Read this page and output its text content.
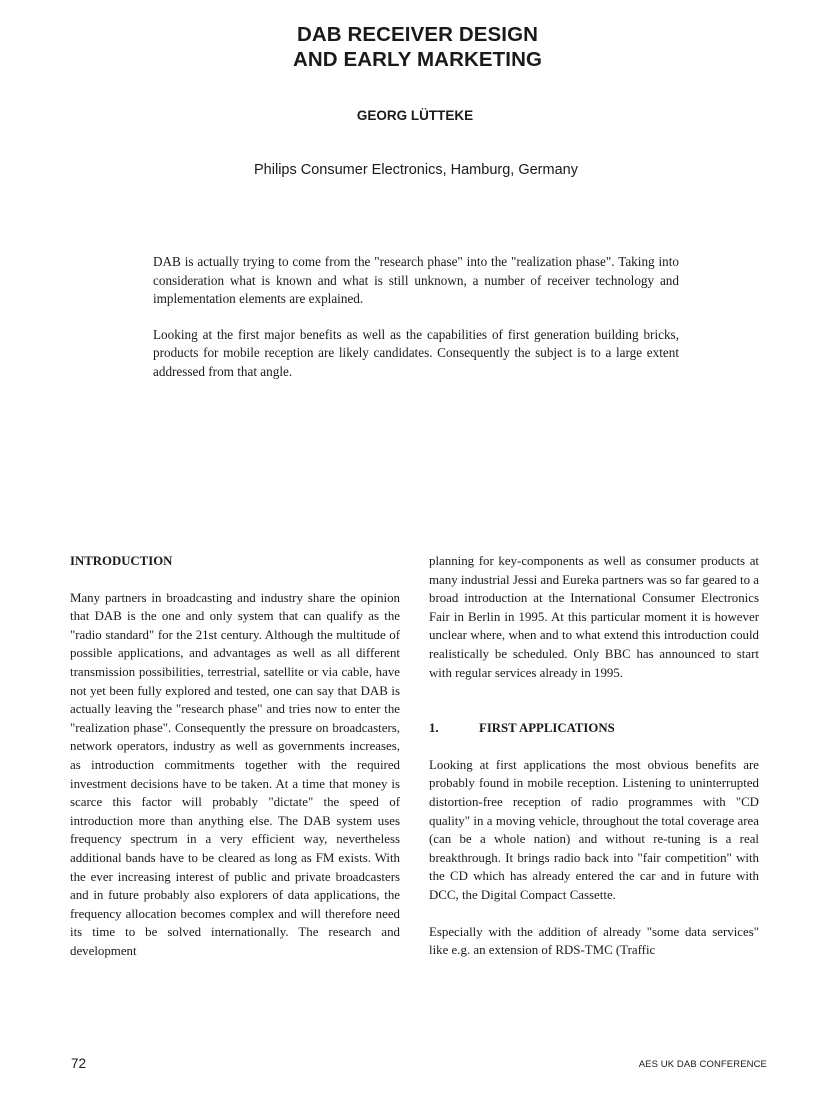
DAB RECEIVER DESIGN
AND EARLY MARKETING
GEORG LÜTTEKE
Philips Consumer Electronics, Hamburg, Germany

DAB is actually trying to come from the "research phase" into the "realization phase". Taking into consideration what is known and what is still unknown, a number of receiver technology and implementation elements are explained.

Looking at the first major benefits as well as the capabilities of first generation building bricks, products for mobile reception are likely candidates. Consequently the subject is to a large extent addressed from that angle.

INTRODUCTION

Many partners in broadcasting and industry share the opinion that DAB is the one and only system that can qualify as the "radio standard" for the 21st century. Although the multitude of possible applications, and advantages as well as all different transmission possibilities, terrestrial, satellite or via cable, have not yet been fully explored and tested, one can say that DAB is actually leaving the "research phase" and tries now to enter the "realization phase". Consequently the pressure on broadcasters, network operators, industry as well as governments increases, as introduction commitments together with the required investment decisions have to be taken. At a time that money is scarce this factor will probably "dictate" the speed of introduction more than anything else. The DAB system uses frequency spectrum in a very efficient way, nevertheless additional bands have to be cleared as long as FM exists. With the ever increasing interest of public and private broadcasters and in future probably also explorers of data applications, the frequency allocation becomes complex and will therefore need its time to be solved internationally. The research and development

planning for key-components as well as consumer products at many industrial Jessi and Eureka partners was so far geared to a broad introduction at the International Consumer Electronics Fair in Berlin in 1995. At this particular moment it is however unclear where, when and to what extend this introduction could realistically be scheduled. Only BBC has announced to start with regular services already in 1995.

1.	FIRST APPLICATIONS

Looking at first applications the most obvious benefits are probably found in mobile reception. Listening to uninterrupted distortion-free reception of radio programmes with "CD quality" in a moving vehicle, throughout the total coverage area (can be a whole nation) and without re-tuning is a real breakthrough. It brings radio back into "fair competition" with the CD which has already entered the car and in future with DCC, the Digital Compact Cassette.

Especially with the addition of already "some data services" like e.g. an extension of RDS-TMC (Traffic

72	AES UK DAB CONFERENCE
